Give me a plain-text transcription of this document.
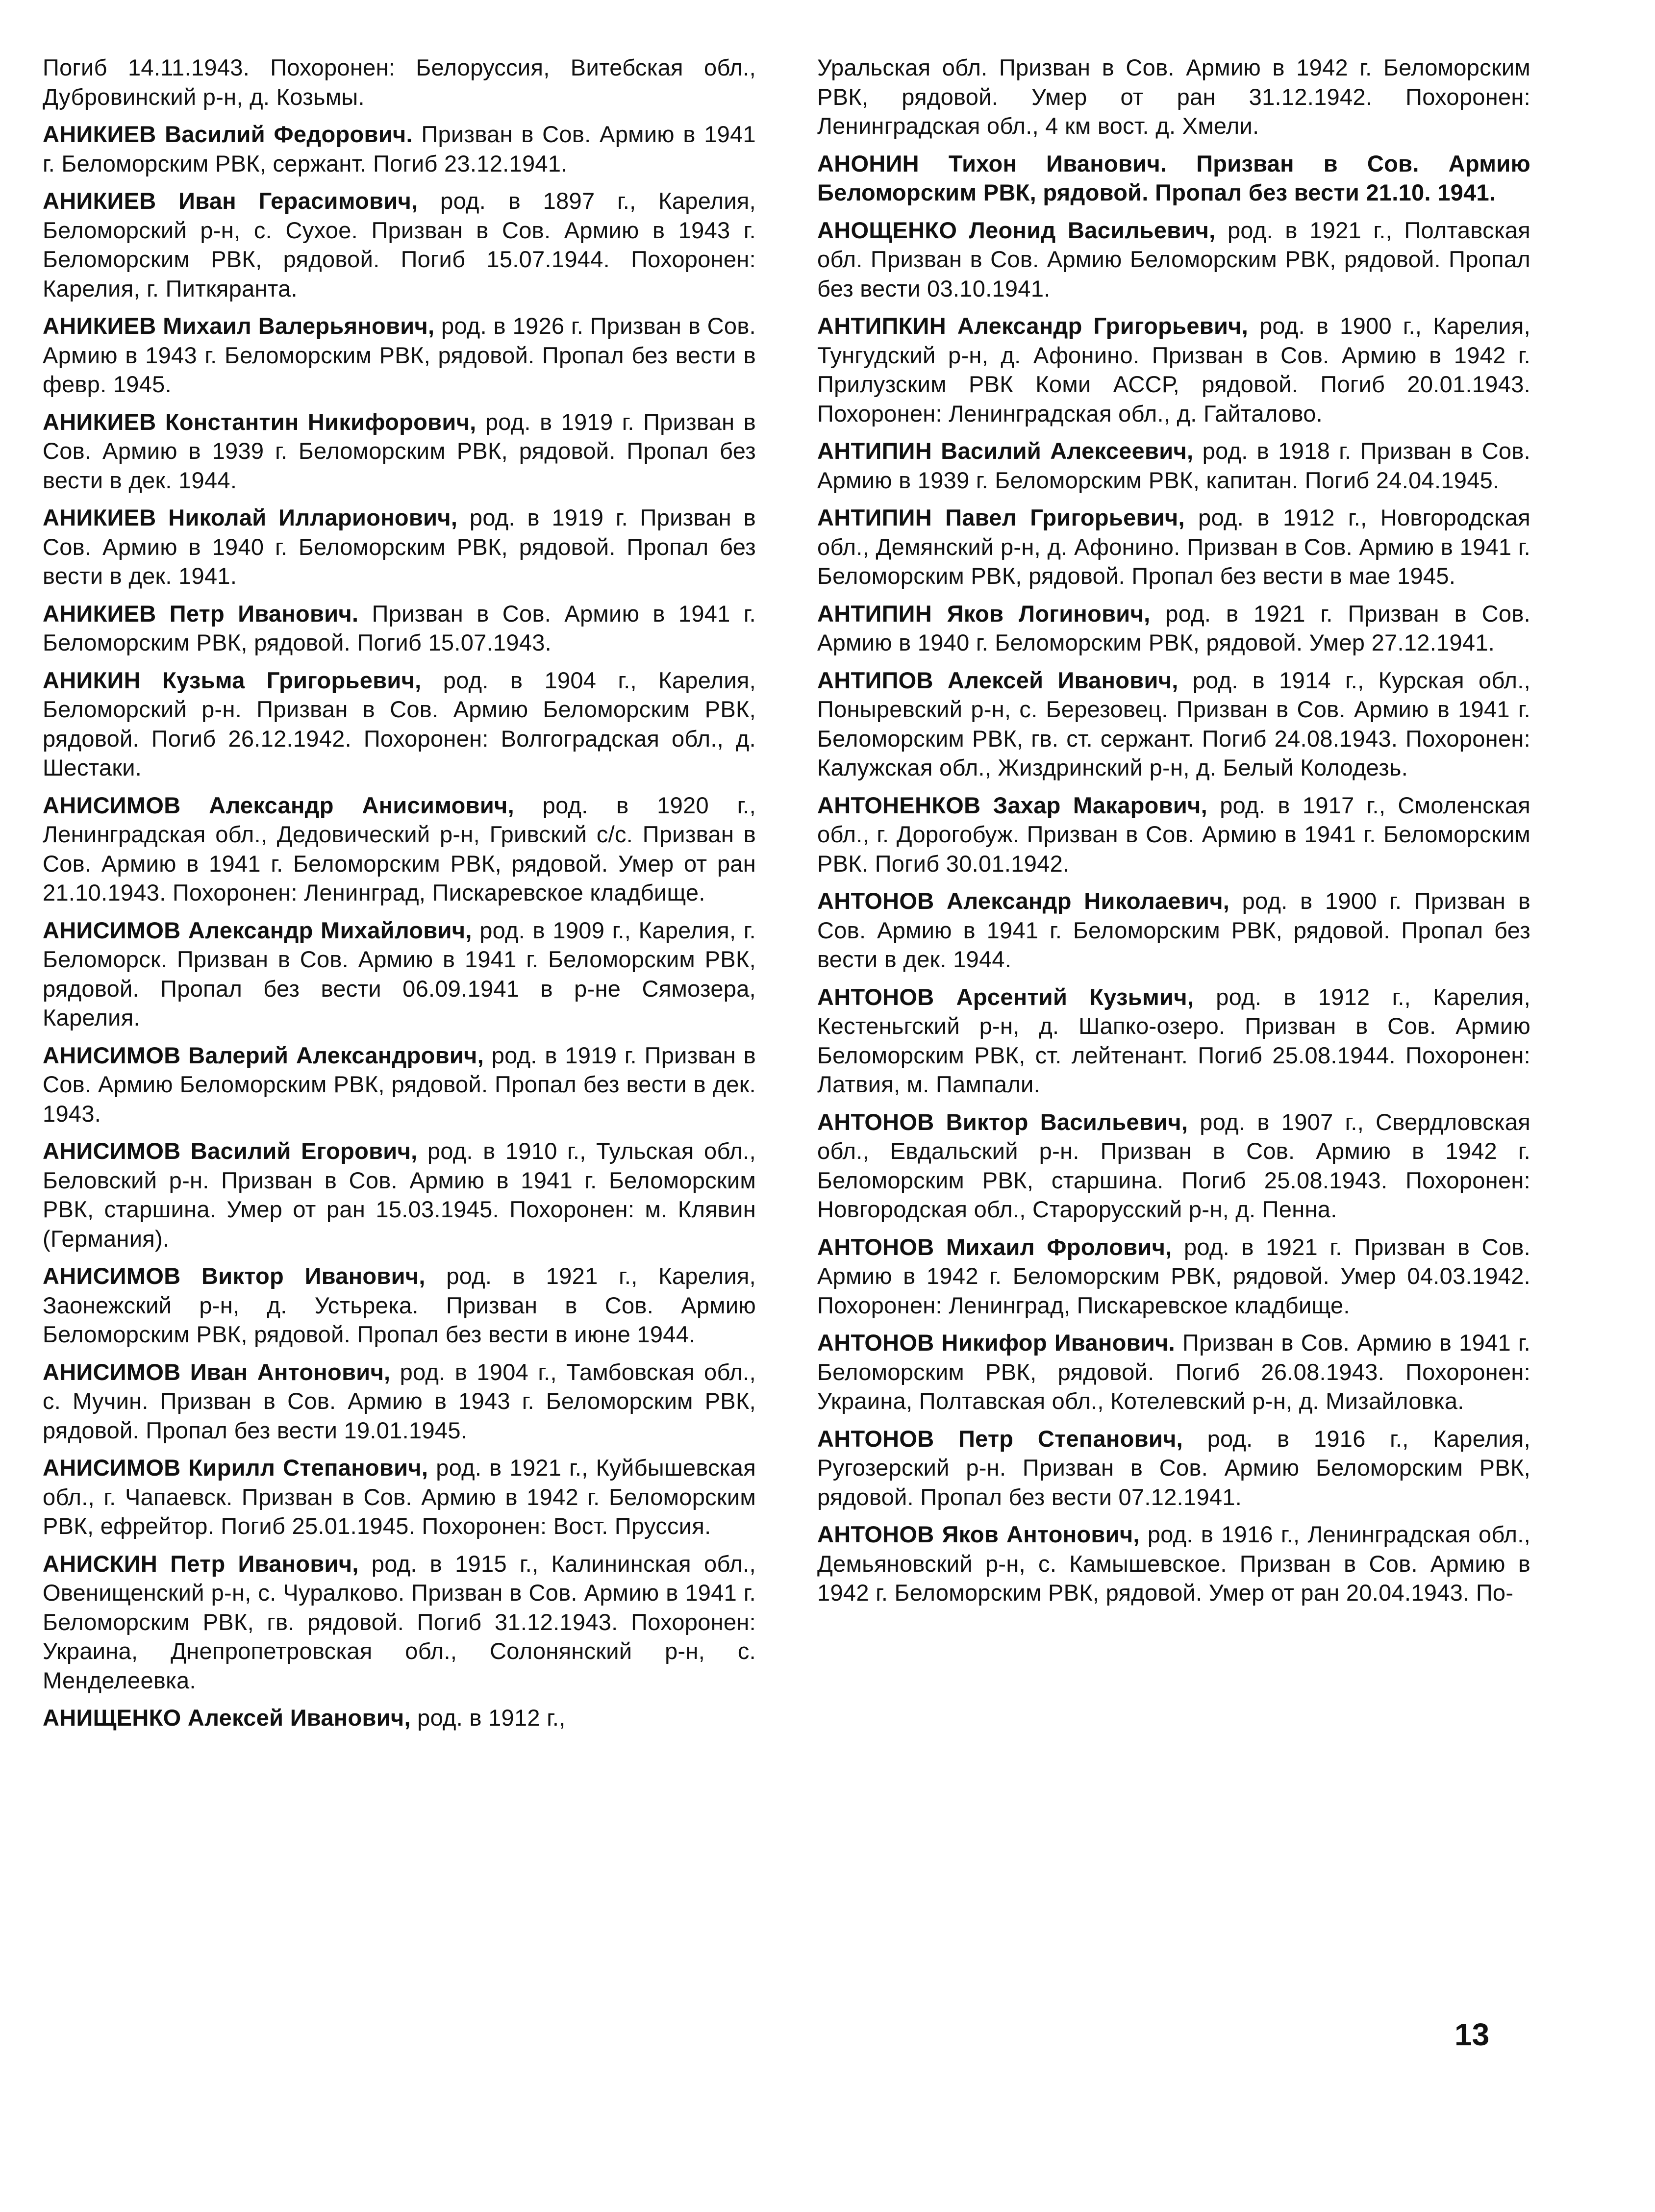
Погиб 14.11.1943. Похоронен: Белоруссия, Витебская обл., Дубровинский р-н, д. Козьмы.

АНИКИЕВ Василий Федорович. Призван в Сов. Армию в 1941 г. Беломорским РВК, сержант. Погиб 23.12.1941.

АНИКИЕВ Иван Герасимович, род. в 1897 г., Карелия, Беломорский р-н, с. Сухое. Призван в Сов. Армию в 1943 г. Беломорским РВК, рядовой. Погиб 15.07.1944. Похоронен: Карелия, г. Питкяранта.

АНИКИЕВ Михаил Валерьянович, род. в 1926 г. Призван в Сов. Армию в 1943 г. Беломорским РВК, рядовой. Пропал без вести в февр. 1945.

АНИКИЕВ Константин Никифорович, род. в 1919 г. Призван в Сов. Армию в 1939 г. Беломорским РВК, рядовой. Пропал без вести в дек. 1944.

АНИКИЕВ Николай Илларионович, род. в 1919 г. Призван в Сов. Армию в 1940 г. Беломорским РВК, рядовой. Пропал без вести в дек. 1941.

АНИКИЕВ Петр Иванович. Призван в Сов. Армию в 1941 г. Беломорским РВК, рядовой. Погиб 15.07.1943.

АНИКИН Кузьма Григорьевич, род. в 1904 г., Карелия, Беломорский р-н. Призван в Сов. Армию Беломорским РВК, рядовой. Погиб 26.12.1942. Похоронен: Волгоградская обл., д. Шестаки.

АНИСИМОВ Александр Анисимович, род. в 1920 г., Ленинградская обл., Дедовический р-н, Гривский с/с. Призван в Сов. Армию в 1941 г. Беломорским РВК, рядовой. Умер от ран 21.10.1943. Похоронен: Ленинград, Пискаревское кладбище.

АНИСИМОВ Александр Михайлович, род. в 1909 г., Карелия, г. Беломорск. Призван в Сов. Армию в 1941 г. Беломорским РВК, рядовой. Пропал без вести 06.09.1941 в р-не Сямозера, Карелия.

АНИСИМОВ Валерий Александрович, род. в 1919 г. Призван в Сов. Армию Беломорским РВК, рядовой. Пропал без вести в дек. 1943.

АНИСИМОВ Василий Егорович, род. в 1910 г., Тульская обл., Беловский р-н. Призван в Сов. Армию в 1941 г. Беломорским РВК, старшина. Умер от ран 15.03.1945. Похоронен: м. Клявин (Германия).

АНИСИМОВ Виктор Иванович, род. в 1921 г., Карелия, Заонежский р-н, д. Устьрека. Призван в Сов. Армию Беломорским РВК, рядовой. Пропал без вести в июне 1944.

АНИСИМОВ Иван Антонович, род. в 1904 г., Тамбовская обл., с. Мучин. Призван в Сов. Армию в 1943 г. Беломорским РВК, рядовой. Пропал без вести 19.01.1945.

АНИСИМОВ Кирилл Степанович, род. в 1921 г., Куйбышевская обл., г. Чапаевск. Призван в Сов. Армию в 1942 г. Беломорским РВК, ефрейтор. Погиб 25.01.1945. Похоронен: Вост. Пруссия.

АНИСКИН Петр Иванович, род. в 1915 г., Калининская обл., Овенищенский р-н, с. Чуралково. Призван в Сов. Армию в 1941 г. Беломорским РВК, гв. рядовой. Погиб 31.12.1943. Похоронен: Украина, Днепропетровская обл., Солонянский р-н, с. Менделеевка.

АНИЩЕНКО Алексей Иванович, род. в 1912 г.,

Уральская обл. Призван в Сов. Армию в 1942 г. Беломорским РВК, рядовой. Умер от ран 31.12.1942. Похоронен: Ленинградская обл., 4 км вост. д. Хмели.

АНОНИН Тихон Иванович. Призван в Сов. Армию Беломорским РВК, рядовой. Пропал без вести 21.10. 1941.

АНОЩЕНКО Леонид Васильевич, род. в 1921 г., Полтавская обл. Призван в Сов. Армию Беломорским РВК, рядовой. Пропал без вести 03.10.1941.

АНТИПКИН Александр Григорьевич, род. в 1900 г., Карелия, Тунгудский р-н, д. Афонино. Призван в Сов. Армию в 1942 г. Прилузским РВК Коми АССР, рядовой. Погиб 20.01.1943. Похоронен: Ленинградская обл., д. Гайталово.

АНТИПИН Василий Алексеевич, род. в 1918 г. Призван в Сов. Армию в 1939 г. Беломорским РВК, капитан. Погиб 24.04.1945.

АНТИПИН Павел Григорьевич, род. в 1912 г., Новгородская обл., Демянский р-н, д. Афонино. Призван в Сов. Армию в 1941 г. Беломорским РВК, рядовой. Пропал без вести в мае 1945.

АНТИПИН Яков Логинович, род. в 1921 г. Призван в Сов. Армию в 1940 г. Беломорским РВК, рядовой. Умер 27.12.1941.

АНТИПОВ Алексей Иванович, род. в 1914 г., Курская обл., Поныревский р-н, с. Березовец. Призван в Сов. Армию в 1941 г. Беломорским РВК, гв. ст. сержант. Погиб 24.08.1943. Похоронен: Калужская обл., Жиздринский р-н, д. Белый Колодезь.

АНТОНЕНКОВ Захар Макарович, род. в 1917 г., Смоленская обл., г. Дорогобуж. Призван в Сов. Армию в 1941 г. Беломорским РВК. Погиб 30.01.1942.

АНТОНОВ Александр Николаевич, род. в 1900 г. Призван в Сов. Армию в 1941 г. Беломорским РВК, рядовой. Пропал без вести в дек. 1944.

АНТОНОВ Арсентий Кузьмич, род. в 1912 г., Карелия, Кестеньгский р-н, д. Шапко-озеро. Призван в Сов. Армию Беломорским РВК, ст. лейтенант. Погиб 25.08.1944. Похоронен: Латвия, м. Пампали.

АНТОНОВ Виктор Васильевич, род. в 1907 г., Свердловская обл., Евдальский р-н. Призван в Сов. Армию в 1942 г. Беломорским РВК, старшина. Погиб 25.08.1943. Похоронен: Новгородская обл., Старорусский р-н, д. Пенна.

АНТОНОВ Михаил Фролович, род. в 1921 г. Призван в Сов. Армию в 1942 г. Беломорским РВК, рядовой. Умер 04.03.1942. Похоронен: Ленинград, Пискаревское кладбище.

АНТОНОВ Никифор Иванович. Призван в Сов. Армию в 1941 г. Беломорским РВК, рядовой. Погиб 26.08.1943. Похоронен: Украина, Полтавская обл., Котелевский р-н, д. Мизайловка.

АНТОНОВ Петр Степанович, род. в 1916 г., Карелия, Ругозерский р-н. Призван в Сов. Армию Беломорским РВК, рядовой. Пропал без вести 07.12.1941.

АНТОНОВ Яков Антонович, род. в 1916 г., Ленинградская обл., Демьяновский р-н, с. Камышевское. Призван в Сов. Армию в 1942 г. Беломорским РВК, рядовой. Умер от ран 20.04.1943. По-

13
